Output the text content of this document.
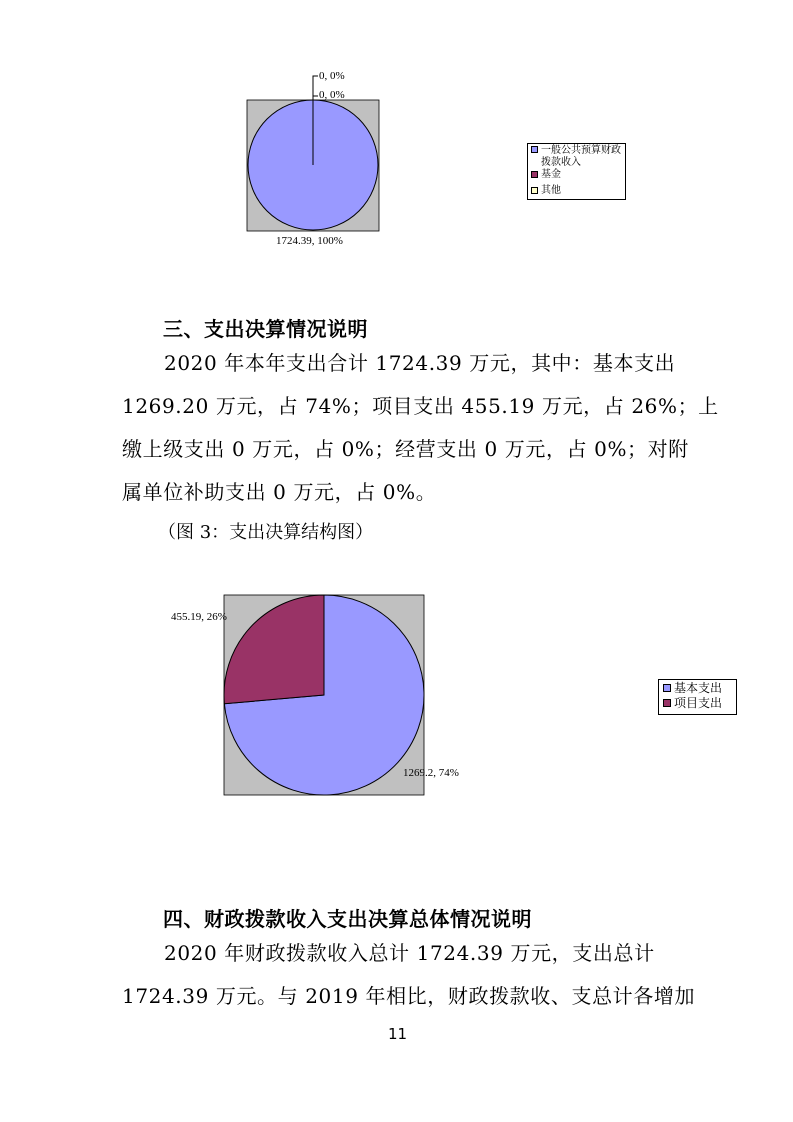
0, 0%
0, 0%
1724.39, 100%
一般公共预算财政拨款收入
基金
其他
三、支出决算情况说明
2020 年本年支出合计 1724.39 万元，其中：基本支出
1269.20 万元，占 74%；项目支出 455.19 万元，占 26%；上
缴上级支出 0 万元，占 0%；经营支出 0 万元，占 0%；对附
属单位补助支出 0 万元，占 0%。
（图 3：支出决算结构图）
455.19, 26%
1269.2, 74%
基本支出
项目支出
四、财政拨款收入支出决算总体情况说明
2020 年财政拨款收入总计 1724.39 万元，支出总计
1724.39 万元。与 2019 年相比，财政拨款收、支总计各增加
11
